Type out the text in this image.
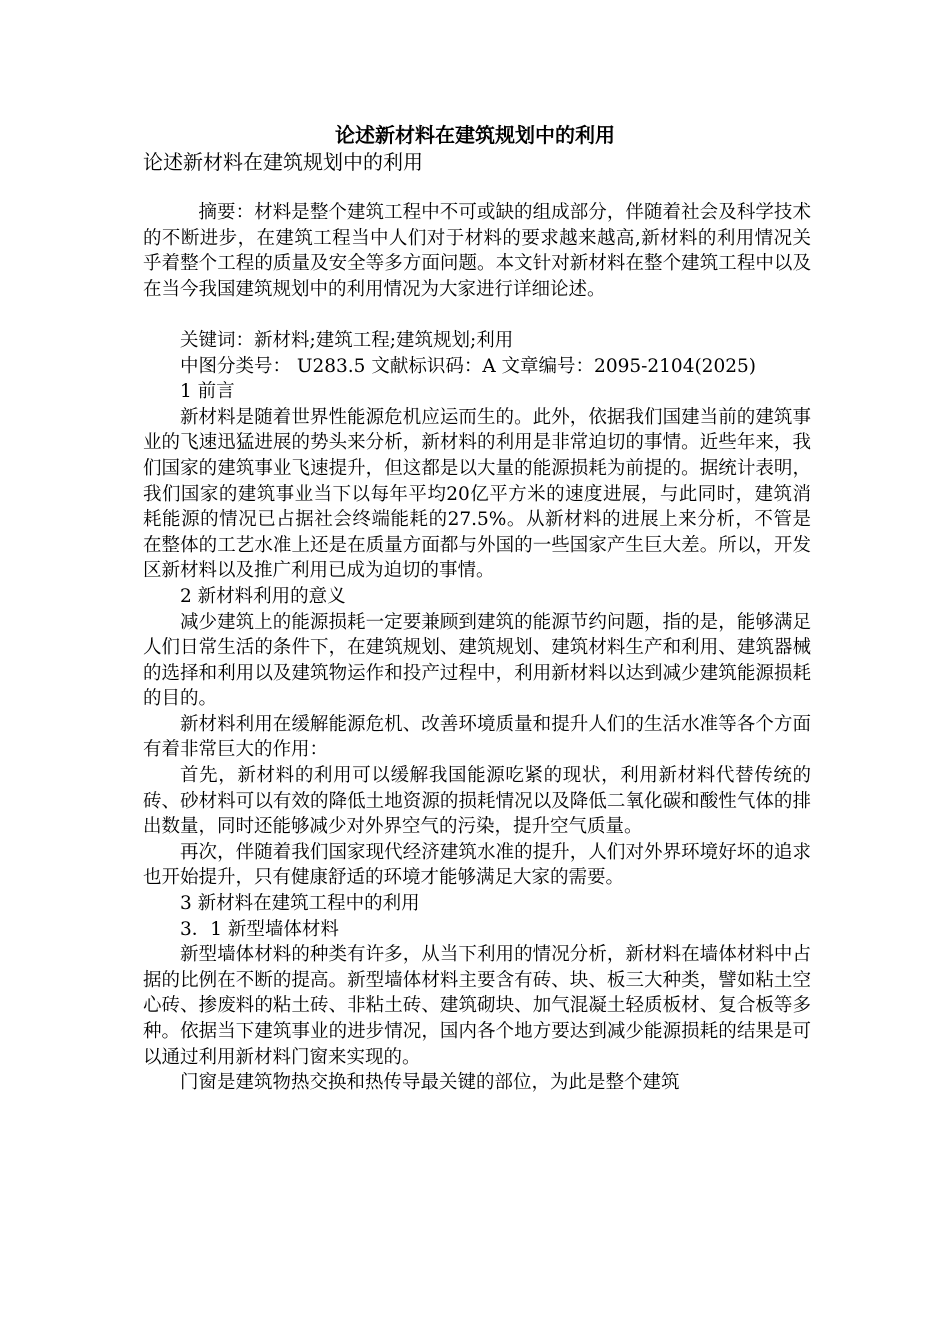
论述新材料在建筑规划中的利用
论述新材料在建筑规划中的利用

摘要：材料是整个建筑工程中不可或缺的组成部分，伴随着社会及科学技术的不断进步，在建筑工程当中人们对于材料的要求越来越高,新材料的利用情况关乎着整个工程的质量及安全等多方面问题。本文针对新材料在整个建筑工程中以及在当今我国建筑规划中的利用情况为大家进行详细论述。

关键词：新材料;建筑工程;建筑规划;利用

中图分类号： U283.5 文献标识码：A 文章编号：2095-2104(2025)

1 前言

新材料是随着世界性能源危机应运而生的。此外，依据我们国建当前的建筑事业的飞速迅猛进展的势头来分析，新材料的利用是非常迫切的事情。近些年来，我们国家的建筑事业飞速提升，但这都是以大量的能源损耗为前提的。据统计表明，我们国家的建筑事业当下以每年平均20亿平方米的速度进展，与此同时，建筑消耗能源的情况已占据社会终端能耗的27.5%。从新材料的进展上来分析，不管是在整体的工艺水准上还是在质量方面都与外国的一些国家产生巨大差。所以，开发区新材料以及推广利用已成为迫切的事情。

2 新材料利用的意义

减少建筑上的能源损耗一定要兼顾到建筑的能源节约问题，指的是，能够满足人们日常生活的条件下，在建筑规划、建筑规划、建筑材料生产和利用、建筑器械的选择和利用以及建筑物运作和投产过程中，利用新材料以达到减少建筑能源损耗的目的。

新材料利用在缓解能源危机、改善环境质量和提升人们的生活水准等各个方面有着非常巨大的作用：

首先，新材料的利用可以缓解我国能源吃紧的现状，利用新材料代替传统的砖、砂材料可以有效的降低土地资源的损耗情况以及降低二氧化碳和酸性气体的排出数量，同时还能够减少对外界空气的污染，提升空气质量。

再次，伴随着我们国家现代经济建筑水准的提升，人们对外界环境好坏的追求也开始提升，只有健康舒适的环境才能够满足大家的需要。

3 新材料在建筑工程中的利用

3．1 新型墙体材料

新型墙体材料的种类有许多，从当下利用的情况分析，新材料在墙体材料中占据的比例在不断的提高。新型墙体材料主要含有砖、块、板三大种类，譬如粘土空心砖、掺废料的粘土砖、非粘土砖、建筑砌块、加气混凝土轻质板材、复合板等多种。依据当下建筑事业的进步情况，国内各个地方要达到减少能源损耗的结果是可以通过利用新材料门窗来实现的。

门窗是建筑物热交换和热传导最关键的部位，为此是整个建筑
